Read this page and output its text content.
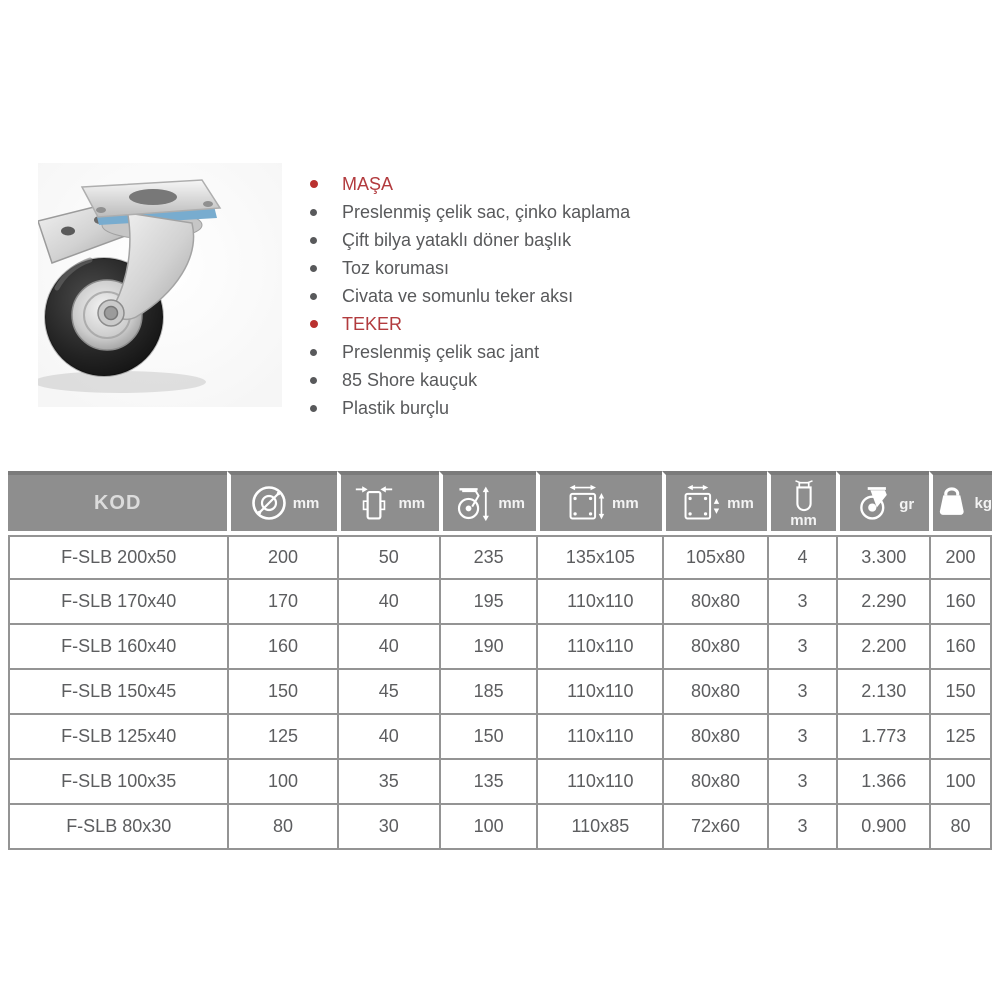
MAŞA
Preslenmiş çelik sac, çinko kaplama
Çift bilya yataklı döner başlık
Toz koruması
Civata ve somunlu teker aksı
TEKER
Preslenmiş çelik sac jant
85 Shore kauçuk
Plastik burçlu
KOD	mm	mm	mm	mm	mm	mm	gr	kg

F-SLB 200x50	200	50	235	135x105	105x80	4	3.300	200
F-SLB 170x40	170	40	195	110x110	80x80	3	2.290	160
F-SLB 160x40	160	40	190	110x110	80x80	3	2.200	160
F-SLB 150x45	150	45	185	110x110	80x80	3	2.130	150
F-SLB 125x40	125	40	150	110x110	80x80	3	1.773	125
F-SLB 100x35	100	35	135	110x110	80x80	3	1.366	100
F-SLB 80x30	80	30	100	110x85	72x60	3	0.900	80
